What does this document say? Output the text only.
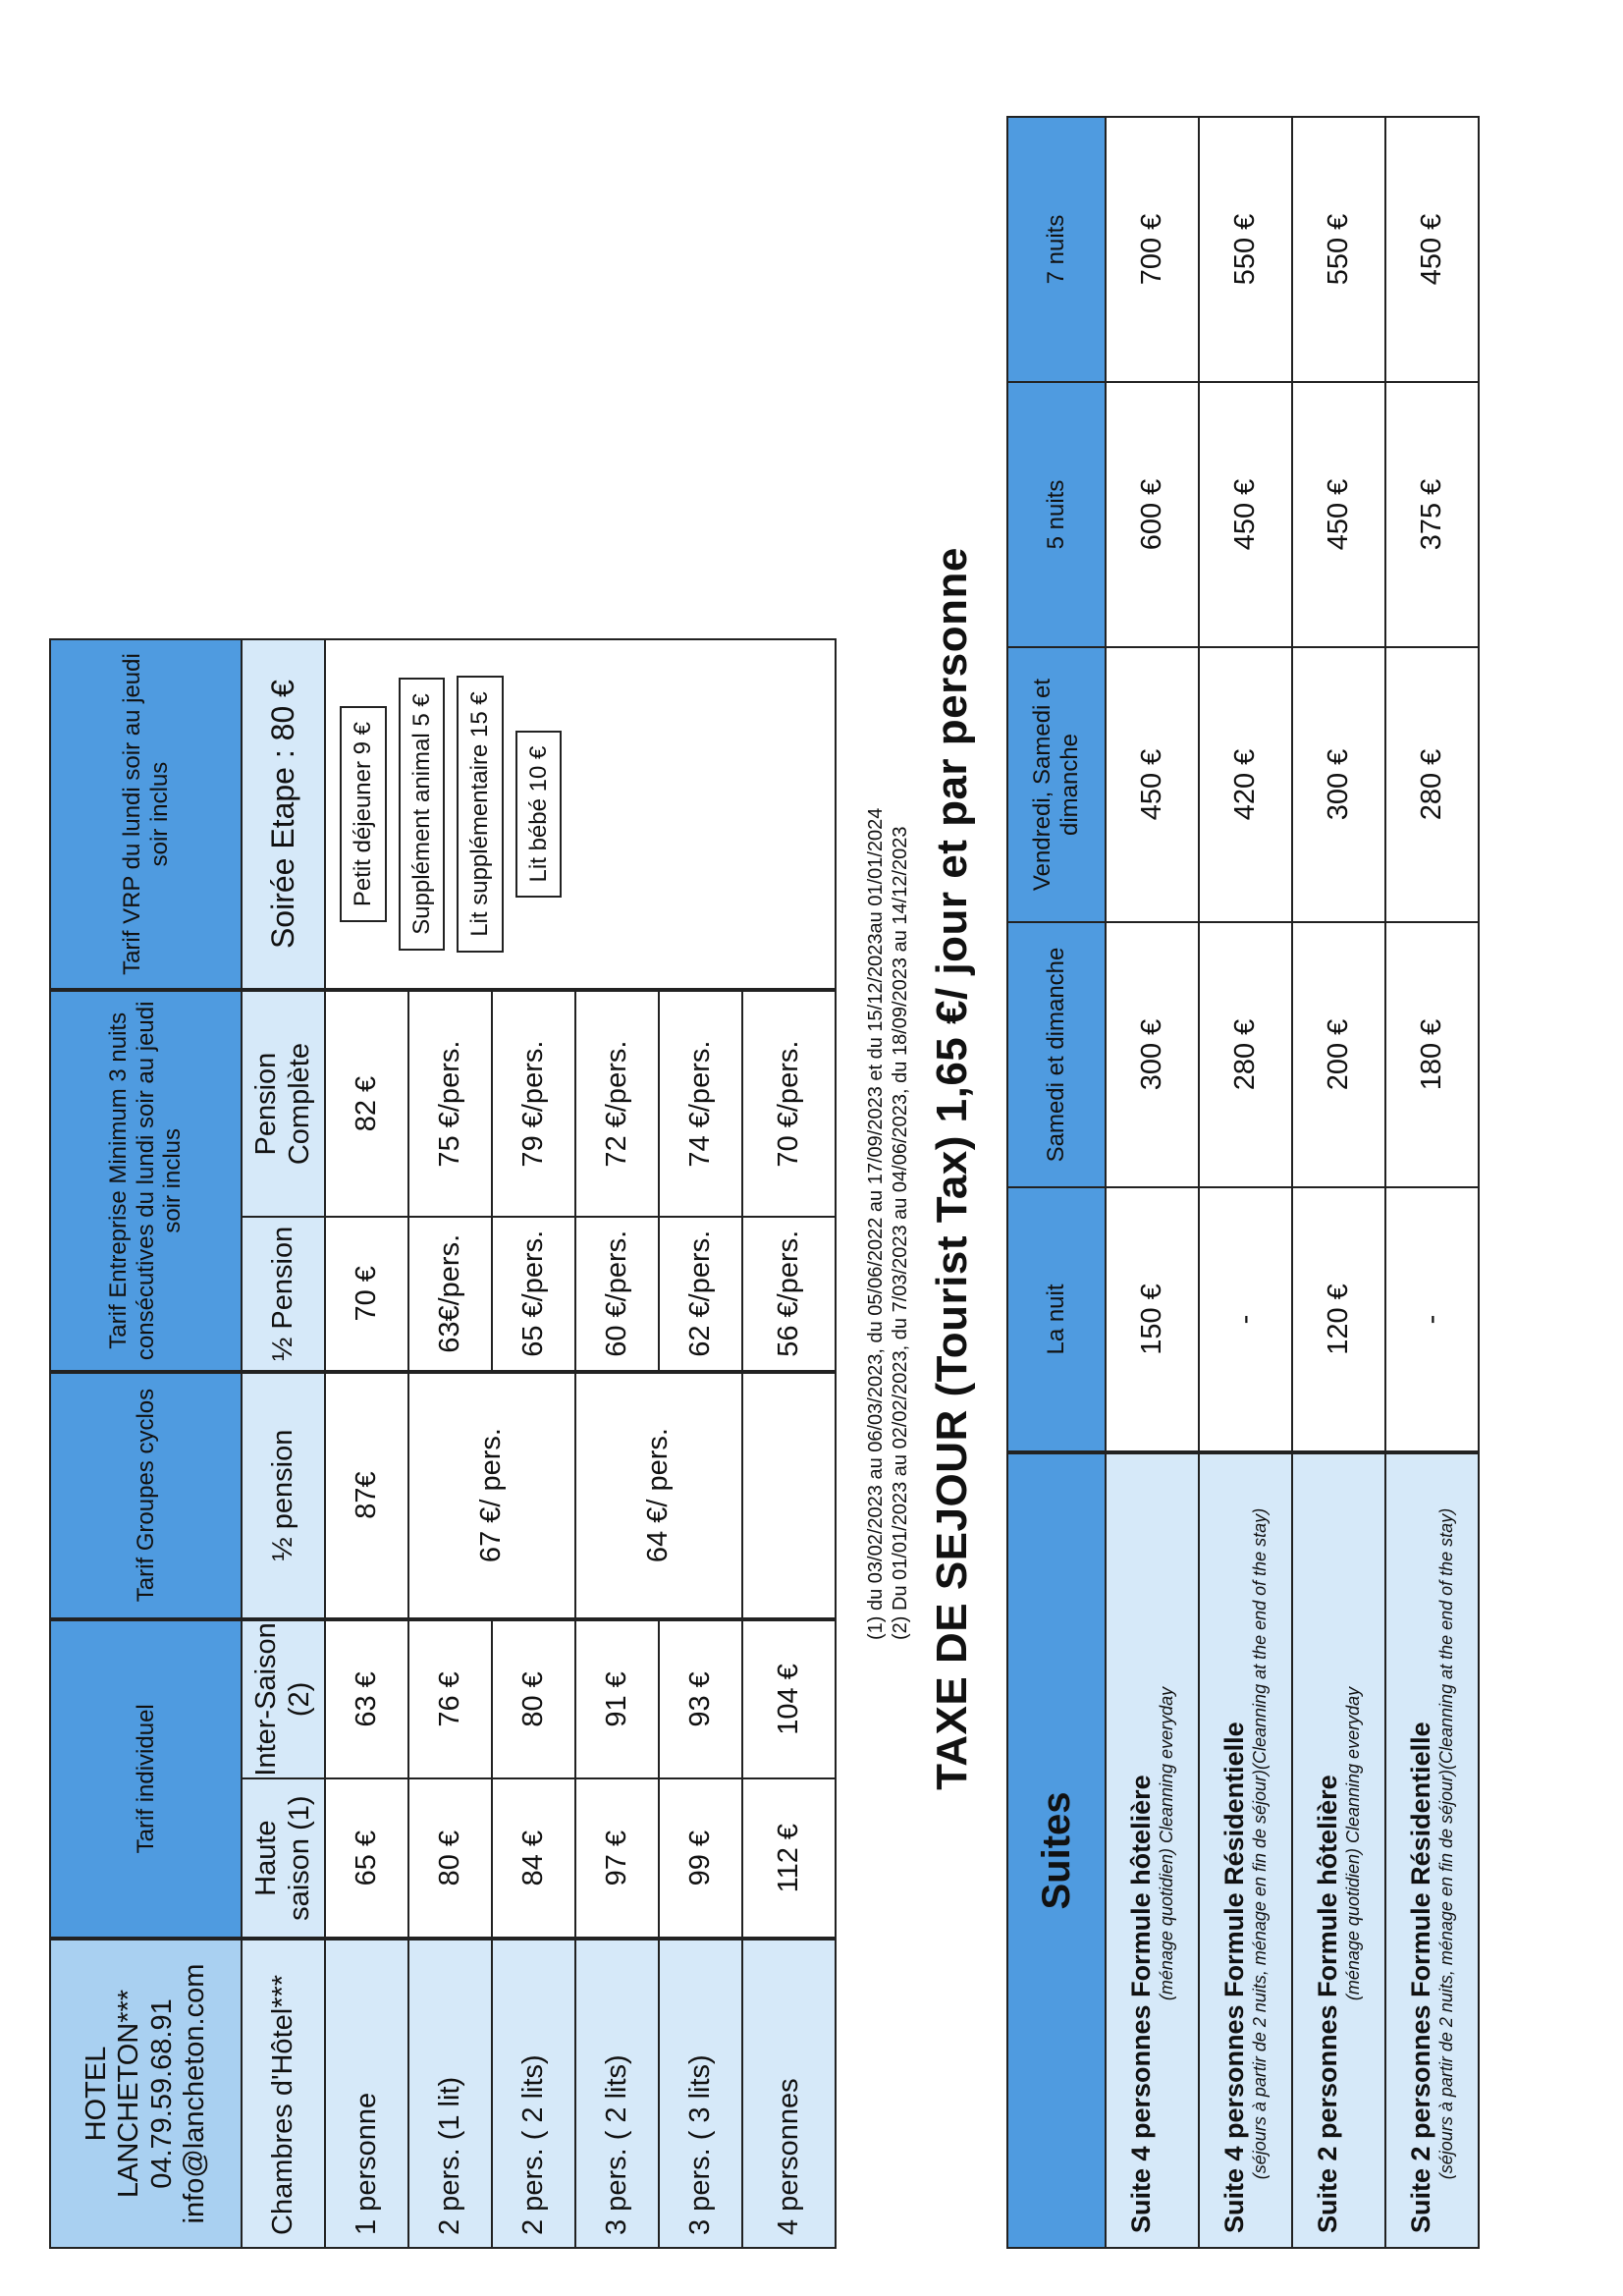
HOTEL LANCHETON*** 04.79.59.68.91 info@lancheton.com	Tarif individuel		Tarif Groupes cyclos	Tarif Entreprise Minimum 3 nuits consécutives du lundi soir au jeudi soir inclus		Tarif VRP du lundi soir au jeudi soir inclus
Chambres d'Hôtel***	Haute saison (1)	Inter-Saison (2)	½ pension	½ Pension	Pension Complète	Soirée Etape : 80 €
1 personne	65 €	63 €	87€	70 €	82 €	Petit déjeuner 9 € Supplément animal 5 € Lit supplémentaire 15 € Lit bébé 10 €

2 pers. (1 lit)	80 €	76 €	67 €/ pers.	63€/pers.	75 €/pers.	
2 pers. ( 2 lits)	84 €	80 €		65 €/pers.	79 €/pers.	
3 pers. ( 2 lits)	97 €	91 €	64 €/ pers.	60 €/pers.	72 €/pers.	
3 pers. ( 3 lits)	99 €	93 €		62 €/pers.	74 €/pers.	
4 personnes	112 €	104 €		56 €/pers.	70 €/pers.		(1) du 03/02/2023 au 06/03/2023, du 05/06/2022 au 17/09/2023 et du 15/12/2023au 01/01/2024 (2) Du 01/01/2023 au 02/02/2023, du 7/03/2023 au 04/06/2023, du 18/09/2023 au 14/12/2023 TAXE DE SEJOUR (Tourist Tax) 1,65 €/ jour et par personne
Suites	La nuit	Samedi et dimanche	Vendredi, Samedi et dimanche	5 nuits	7 nuits
Suite 4 personnes Formule hôtelière (ménage quotidien) Cleanning everyday	150 €	300 €	450 €	600 €	700 €
Suite 4 personnes Formule Résidentielle (séjours à partir de 2 nuits, ménage en fin de séjour)(Cleanning at the end of the stay)	-	280 €	420 €	450 €	550 €
Suite 2 personnes Formule hôtelière (ménage quotidien) Cleanning everyday	120 €	200 €	300 €	450 €	550 €
Suite 2 personnes Formule Résidentielle (séjours à partir de 2 nuits, ménage en fin de séjour)(Cleanning at the end of the stay)	-	180 €	280 €	375 €	450 €
